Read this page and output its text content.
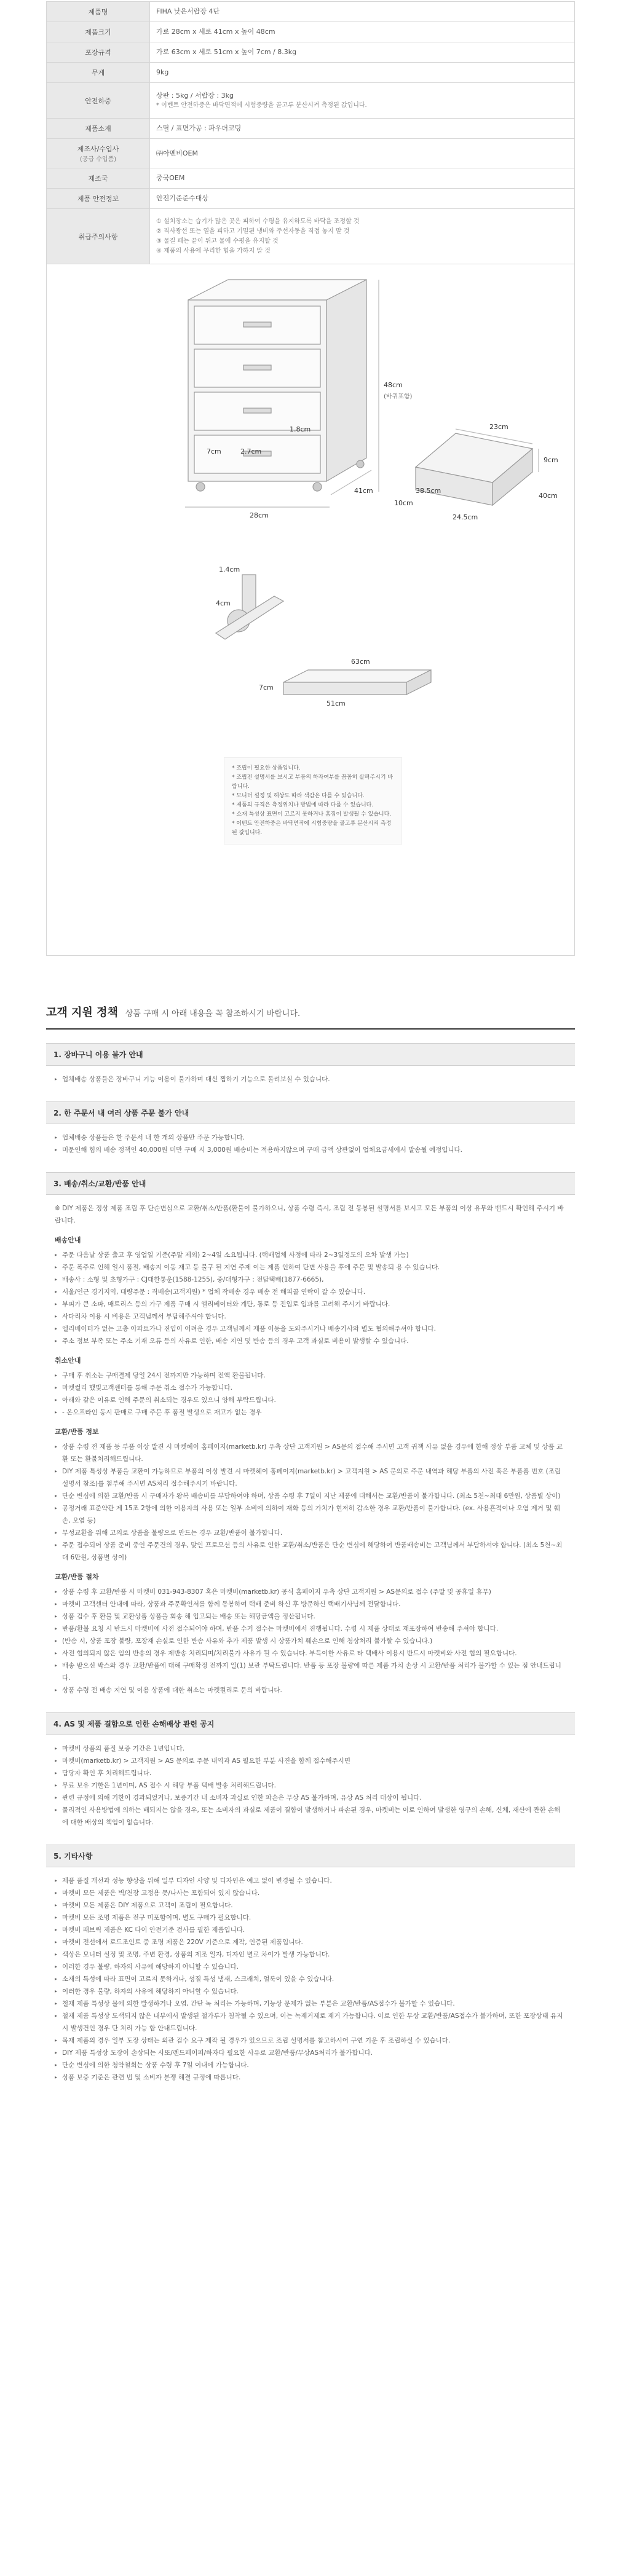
제품명	FIHA 낮은서랍장 4단
제품크기	가로 28cm x 세로 41cm x 높이 48cm
포장규격	가로 63cm x 세로 51cm x 높이 7cm / 8.3kg
무게	9kg
안전하중	상판 : 5kg / 서랍장 : 3kg
* 이벤트 안전하중은 바닥면적에 시험중량을 골고루 분산시켜 측정된 값입니다.

제품소재	스틸 / 표면가공 : 파우더코팅

제조사/수입사
(공급 수입품)	㈜아멘비OEM
제조국	중국OEM
제품 안전정보	안전기준준수대상
취급주의사항	① 설치장소는 습기가 많은 곳은 피하여 수평을 유지하도록 바닥을 조정할 것
② 직사광선 또는 열을 피하고 기밀된 냉비와 주선자동을 직접 놓지 말 것
③ 물질 페는 끝이 튀고 물에 수평을 유지할 것
④ 제품의 사용에 무리한 힘을 가하지 말 것
48cm
(바퀴포함)
1.8cm
7cm	2.7cm
41cm
28cm
23cm
9cm
38.5cm
40cm
10cm
24.5cm
1.4cm
4cm
63cm
7cm
51cm
* 조립이 필요한 상품입니다.
* 조립전 설명서를 보시고 부품의 하자여부를 꼼꼼히 살펴주시기 바랍니다.
* 모니터 설정 및 해상도 따라 색감은 다를 수 있습니다.
* 제품의 규격은 측정위치나 방법에 따라 다를 수 있습니다.
* 소재 특성상 표면이 고르지 못하거나 흠집이 발생될 수 있습니다.
* 이벤트 안전하중은 바닥면적에 시험중량을 골고루 분산시켜 측정된 값입니다.
고객 지원 정책 상품 구매 시 아래 내용을 꼭 참조하시기 바랍니다.
1. 장바구니 이용 불가 안내
▸ 업체배송 상품들은 장바구니 기능 이용이 불가하며 대신 찜하기 기능으로 돌려보실 수 있습니다.
2. 한 주문서 내 여러 상품 주문 불가 안내
▸ 업체배송 상품들은 한 주문서 내 한 개의 상품만 주문 가능합니다.
▸ 미문인해 힘의 배송 정책인 40,000원 미만 구매 시 3,000원 배송비는 적용하지않으며 구매 금액 상관없이 업체요금세에서 발송될 예정입니다.
3. 배송/취소/교환/반품 안내
※ DIY 제품은 정상 제품 조립 후 단순변심으로 교환/취소/반품(환불이 불가하오니, 상품 수령 즉시, 조립 전 동봉된 설명서를 보시고 모든 부품의 이상 유무와 밴드시 확인해 주시기 바랍니다.
배송안내
▸ 주문 다음날 상품 출고 후 영업일 기준(주말 제외) 2~4일 소요됩니다. (택배업체 사정에 따라 2~3일정도의 오차 발생 가능)
▸ 주문 폭주로 인해 일시 품절, 배송지 이동 재고 등 불구 된 지연 주제 이는 제품 인하여 단변 사용을 후에 주문 및 발송되 용 수 있습니다.
▸ 배송사 : 소형 및 초형가구 : CJ대한통운(1588-1255), 중/대형가구 : 전담택배(1877-6665),
▸ 서울/인근 경기지역, 대량주문 : 직배송(고객지원) * 업체 작배송 경우 배송 전 해피콜 연락이 갈 수 있습니다.
▸ 부피가 큰 소파, 매트리스 등의 가구 제품 구매 시 엘리베이터와 계단, 통로 등 진입로 입과를 고려해 주시기 바랍니다.
▸ 사다리차 이용 시 비용은 고객님께서 부담해주셔야 합니다.
▸ 엘리베이터가 없는 고층 아파트가나 진입이 어려운 경우 고객님께서 제품 이동을 도와주시거나 배송기사와 별도 협의해주셔야 합니다.
▸ 주소 정보 부족 또는 주소 기재 오류 등의 사유로 인한, 배송 지연 및 반송 등의 경우 고객 과실로 비용이 발생할 수 있습니다.
취소안내
▸ 구매 후 취소는 구매결제 당일 24시 전까지만 가능하며 전액 환불됩니다.
▸ 마켓컬리 했빛고객센터를 통해 주문 취소 접수가 가능합니다.
▸ 아래와 같은 이유로 인해 주문의 취소되는 경우도 있으니 양해 부탁드립니다.
▸ - 온오프라인 동시 판매로 구매 주문 후 품절 발생으로 재고가 없는 경우
교환/반품 정보
▸ 상품 수령 전 제품 등 부품 이상 발견 시 마켓헤이 홈페이지(marketb.kr) 우측 상단 고객지원 > AS문의 접수해 주시면 고객 귀책 사유 없음 경우에 한해 정상 부품 교체 및 상품 교환 또는 환불처리해드립니다.
▸ DIY 제품 특성상 부품을 교환이 가능하므로 부품의 이상 발견 시 마켓헤이 홈페이지(marketb.kr) > 고객지원 > AS 문의로 주문 내역과 해당 부품의 사진 혹은 부품품 번호 (조립 설명서 참조)를 첨부해 주시면 AS처리 접수해주시기 바랍니다.
▸ 단순 변심에 의한 교환/반품 시 구매자가 왕복 배송비를 부담하여야 하며, 상품 수령 후 7일이 지난 제품에 대해서는 교환/반품이 불가합니다. (최소 5천~최대 6만원, 상품별 상이)
▸ 공정거래 표준약관 제 15조 2항에 의한 이용자의 사용 또는 일부 소비에 의하여 재화 등의 가치가 현저히 감소한 경우 교환/반품이 불가합니다. (ex. 사용흔적이나 오염 제거 및 훼손, 오염 등)
▸ 무성교환을 위해 고의로 상품을 불량으로 만드는 경우 교환/반품이 불가합니다.
▸ 주문 접수되어 상품 준비 중인 주문건의 경우, 맞인 프로모션 등의 사유로 인한 교환/취소/반품은 단순 변심에 해당하여 반품배송비는 고객님께서 부담하셔야 합니다. (최소 5천~최대 6만원, 상품별 상이)
교환/반품 절차
▸ 상품 수령 후 교환/반품 시 마켓비 031-943-8307 혹은 마켓비(marketb.kr) 공식 홈페이지 우측 상단 고객지원 > AS문의로 접수 (주말 및 공휴일 휴무)
▸ 마켓비 고객센터 안내에 따라, 상품과 주문확인서를 함께 동봉하여 택배 준비 하신 후 방문하신 택배기사님께 전달합니다.
▸ 상품 검수 후 환불 및 교환상품 상품을 회송 해 입고되는 배송 또는 해당금액을 정산됩니다.
▸ 반품/환불 요청 시 반드시 마켓비에 사전 접수되어야 하며, 반품 수거 접수는 마켓비에서 진행됩니다. 수령 시 제품 상태로 재포장하여 반송해 주셔야 합니다.
▸ (반송 시, 상품 포장 불량, 포장재 손실로 인한 반송 사유와 추가 제품 발생 시 상품가치 훼손으로 인해 청상처리 불가할 수 있습니다.)
▸ 사전 협의되지 않은 임의 반송의 경우 제반송 처리되며/처리불가 사유가 될 수 있습니다. 부득이한 사유로 타 택배사 이용시 반드시 마켓비와 사전 협의 필요합니다.
▸ 배송 받으신 박스와 경우 교환/반품에 대해 구매확정 전까지 일(1) 보관 부탁드립니다. 반품 등 포장 불량에 따른 제품 가치 손상 시 교환/반품 처리가 불가할 수 있는 점 안내드립니다.
▸ 상품 수령 전 배송 지연 및 이용 상품에 대한 취소는 마켓컬리로 문의 바랍니다.
4. AS 및 제품 결함으로 인한 손해배상 관련 공지
▸ 마켓비 상품의 품질 보증 기간은 1년입니다.
▸ 마켓비(marketb.kr) > 고객지원 > AS 문의로 주문 내역과 AS 필요한 부분 사진을 함께 접수해주시면
▸ 담당자 확인 후 처리해드립니다.
▸ 무료 보유 기한은 1년이며, AS 접수 시 해당 부품 택배 발송 처리해드립니다.
▸ 관련 규정에 의해 기한이 경과되었거나, 보증기간 내 소비자 과실로 인한 파손은 무상 AS 불가하며, 유상 AS 처리 대상이 됩니다.
▸ 물리적인 사용방법에 의하는 배되지는 않을 경우, 또는 소비자의 과실로 제품이 결함이 발생하거나 파손된 경우, 마켓비는 이로 인하여 발생한 영구의 손해, 신체, 재산에 관한 손해에 대한 배상의 책임이 없습니다.
5. 기타사항
▸ 제품 품질 개선과 성능 향상을 위해 일부 디자인 사양 및 디자인은 예고 없이 변경될 수 있습니다.
▸ 마켓비 모든 제품은 벽/천장 고정용 못/나사는 포함되어 있지 않습니다.
▸ 마켓비 모든 제품은 DIY 제품으로 고객이 조립이 필요합니다.
▸ 마켓비 모든 조명 제품은 전구 미포함이며, 별도 구매가 필요합니다.
▸ 마켓비 패브릭 제품은 KC 다이 안전기준 검사를 필한 제품입니다.
▸ 마켓비 전선에서 로드조인트 중 조명 제품은 220V 기준으로 제작, 인증된 제품입니다.
▸ 색상은 모니터 설정 및 조명, 주변 환경, 상품의 제조 일자, 디자인 별로 차이가 발생 가능합니다.
▸ 이러한 경우 불량, 하자의 사유에 해당하지 아니할 수 있습니다.
▸ 소재의 특성에 따라 표면이 고르지 못하거나, 성질 특성 냄새, 스크래치, 얼룩이 있을 수 있습니다.
▸ 이러한 경우 불량, 하자의 사유에 해당하지 아니할 수 있습니다.
▸ 철재 제품 특성상 물에 의한 발생하거나 오염, 간단 녹 처리는 가능하며, 기능상 문제가 없는 부분은 교환/반품/AS접수가 불가할 수 있습니다.
▸ 철재 제품 특성상 도색되지 않은 내부에서 발생된 철가루가 첨착될 수 있으며, 이는 녹제거제로 제거 가능합니다. 이로 인한 무상 교환/반품/AS접수가 불가하며, 또한 포장상태 유지 시 발생건인 경우 단 처리 가능 합 안내드립니다.
▸ 목재 제품의 경우 일부 도장 상태는 외관 검수 요구 제작 될 경우가 있으므로 조립 설명서를 참고하시어 구연 기운 후 조립하실 수 있습니다.
▸ DIY 제품 특성상 도장이 손상되는 사또/렌드페이퍼/하자다 필요한 사유로 교환/반품/무상AS처리가 불가합니다.
▸ 단순 변심에 의한 청약철회는 상품 수령 후 7일 이내에 가능합니다.
▸ 상품 보증 기준은 관련 법 및 소비자 분쟁 해결 규정에 따릅니다.
